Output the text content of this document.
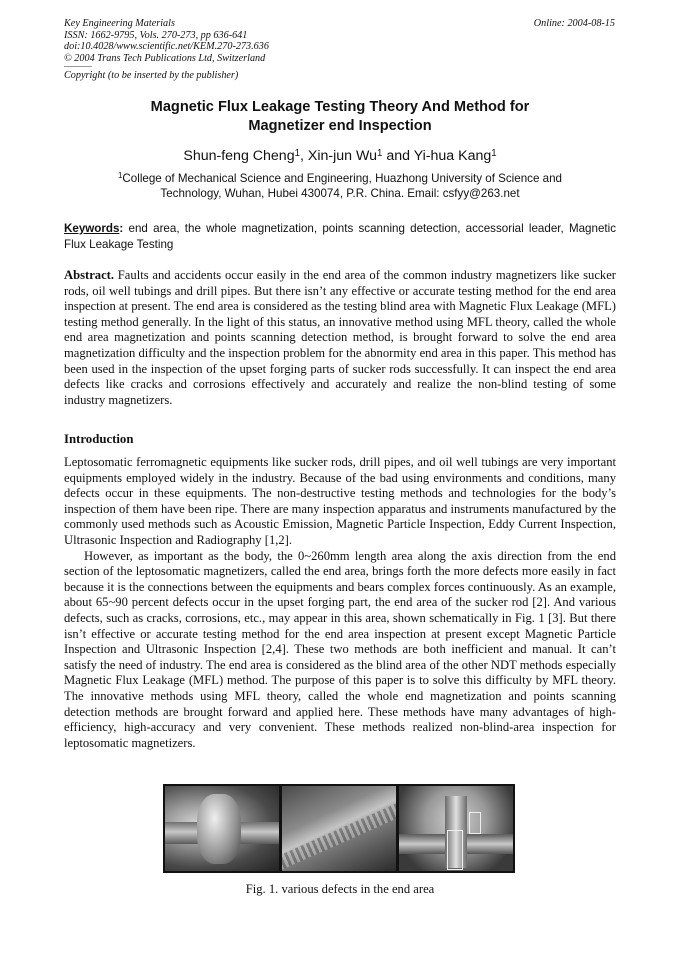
Key Engineering Materials
ISSN: 1662-9795, Vols. 270-273, pp 636-641
doi:10.4028/www.scientific.net/KEM.270-273.636
© 2004 Trans Tech Publications Ltd, Switzerland
Copyright (to be inserted by the publisher)
Online: 2004-08-15
Magnetic Flux Leakage Testing Theory And Method for
Magnetizer end Inspection
Shun-feng Cheng$^1$, Xin-jun Wu$^1$ and Yi-hua Kang$^1$
$^1$College of Mechanical Science and Engineering, Huazhong University of Science and
Technology, Wuhan, Hubei 430074, P.R. China. Email: csfyy@263.net
Keywords: end area, the whole magnetization, points scanning detection, accessorial leader, Magnetic Flux Leakage Testing
Abstract. Faults and accidents occur easily in the end area of the common industry magnetizers like sucker rods, oil well tubings and drill pipes. But there isn’t any effective or accurate testing method for the end area inspection at present. The end area is considered as the testing blind area with Magnetic Flux Leakage (MFL) testing method generally. In the light of this status, an innovative method using MFL theory, called the whole end area magnetization and points scanning detection method, is brought forward to solve the end area magnetization difficulty and the inspection problem for the abnormity end area in this paper. This method has been used in the inspection of the upset forging parts of sucker rods successfully. It can inspect the end area defects like cracks and corrosions effectively and accurately and realize the non-blind testing of some industry magnetizers.
Introduction

Leptosomatic ferromagnetic equipments like sucker rods, drill pipes, and oil well tubings are very important equipments employed widely in the industry. Because of the bad using environments and conditions, many defects occur in these equipments. The non-destructive testing methods and technologies for the body’s inspection of them have been ripe. There are many inspection apparatus and instruments manufactured by the commonly used methods such as Acoustic Emission, Magnetic Particle Inspection, Eddy Current Inspection, Ultrasonic Inspection and Radiography [1,2].

However, as important as the body, the 0~260mm length area along the axis direction from the end section of the leptosomatic magnetizers, called the end area, brings forth the more defects more easily in fact because it is the connections between the equipments and bears complex forces continuously. As an example, about 65~90 percent defects occur in the upset forging part, the end area of the sucker rod [2]. And various defects, such as cracks, corrosions, etc., may appear in this area, shown schematically in Fig. 1 [3]. But there isn’t effective or accurate testing method for the end area inspection at present except Magnetic Particle Inspection and Ultrasonic Inspection [2,4]. These two methods are both inefficient and manual. It can’t satisfy the need of industry. The end area is considered as the blind area of the other NDT methods especially Magnetic Flux Leakage (MFL) method. The purpose of this paper is to solve this difficulty by MFL theory. The innovative methods using MFL theory, called the whole end magnetization and points scanning detection methods are brought forward and applied here. These methods have many advantages of high-efficiency, high-accuracy and very convenient. These methods realized non-blind-area inspection for leptosomatic magnetizers.

Fig. 1. various defects in the end area
